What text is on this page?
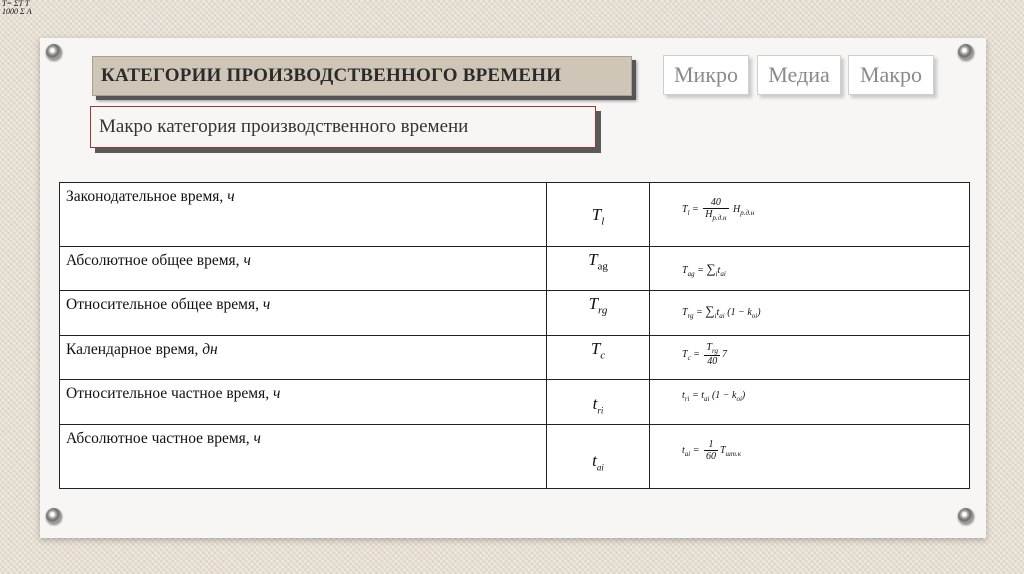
T= ΣT T
1000 Σ A
КАТЕГОРИИ ПРОИЗВОДСТВЕННОГО ВРЕМЕНИ	Микро	Медиа	Макро
Макро категория производственного времени
Законодательное время, ч	$T_l$	$T_l = \frac{40}{H_{р.д.н}} H_{р.д.н}$

Абсолютное общее время, ч	$T_{ag}$	$T_{ag} = \sum_it_{ai}$

Относительное общее время, ч	$T_{rg}$	$T_{rg} = \sum_it_{ai}$ $(1 - k_{oi})$

Календарное время, дн	$T_c$	$T_c = \frac{T_{rg}}{40} 7$

Относительное частное время, ч	$t_{ri}$	$t_{ri} = t_{ai}$ $(1 - k_{oi})$

Абсолютное частное время, ч	$t_{ai}$	$t_{ai} = \frac{1}{60} T_{шт.к}$
